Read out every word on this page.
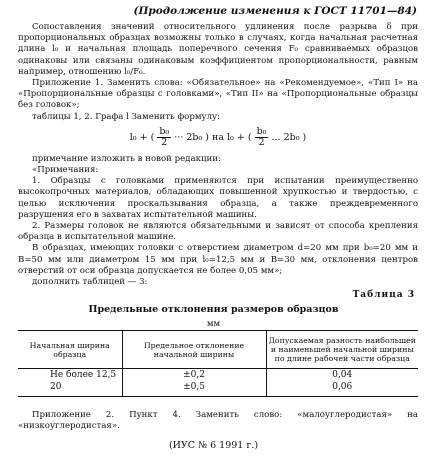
(Продолжение изменения к ГОСТ 11701—84)

Сопоставления значений относительного удлинения после разрыва δ при пропорциональных образцах возможны только в случаях, когда начальная расчетная длина l₀ и начальная площадь поперечного сечения F₀ сравниваемых образцов одинаковы или связаны одинаковым коэффициентом пропорциональности, равным например, отношению l₀/F₀.

Приложение 1. Заменить слова: «Обязательное» на «Рекомендуемое», «Тип I» на «Пропорциональные образцы с головками», «Тип II» на «Пропорциональные образцы без головок»;

таблицы 1, 2. Графа l Заменить формулу:

l₀ + ( $\frac{\text{b₀}}{2}$ ··· 2b₀ ) на l₀ + ( $\frac{\text{b₀}}{2}$ ... 2b₀ )

примечание изложить в новой редакции:

«Примечания:

1. Образцы с головками применяются при испытании преимущественно высокопрочных материалов, обладающих повышенной хрупкостью и твердостью, с целью исключения проскальзывания образца, а также преждевременного разрушения его в захватах испытательной машины.

2. Размеры головок не являются обязательными и зависят от способа крепления образца в испытательной машине.

В образцах, имеющих головки с отверстием диаметром d=20 мм при b₀=20 мм и B=50 мм или диаметром 15 мм при l₀=12,5 мм и B=30 мм, отклонения центров отверстий от оси образца допускается не более 0,05 мм»;

дополнить таблицей — 3:

Таблица 3
Предельные отклонения размеров образцов
мм
Начальная ширина образца	Предельное отклонение начальной ширины	Допускаемая разность наибольшей и наименьшей начальной ширины по длине рабочей части образца
Не более 12,5	±0,2	0,04
20	±0,5	0,06

Приложение 2. Пункт 4. Заменить слово: «малоуглеродистая» на «низкоуглеродистая».

(ИУС № 6 1991 г.)
